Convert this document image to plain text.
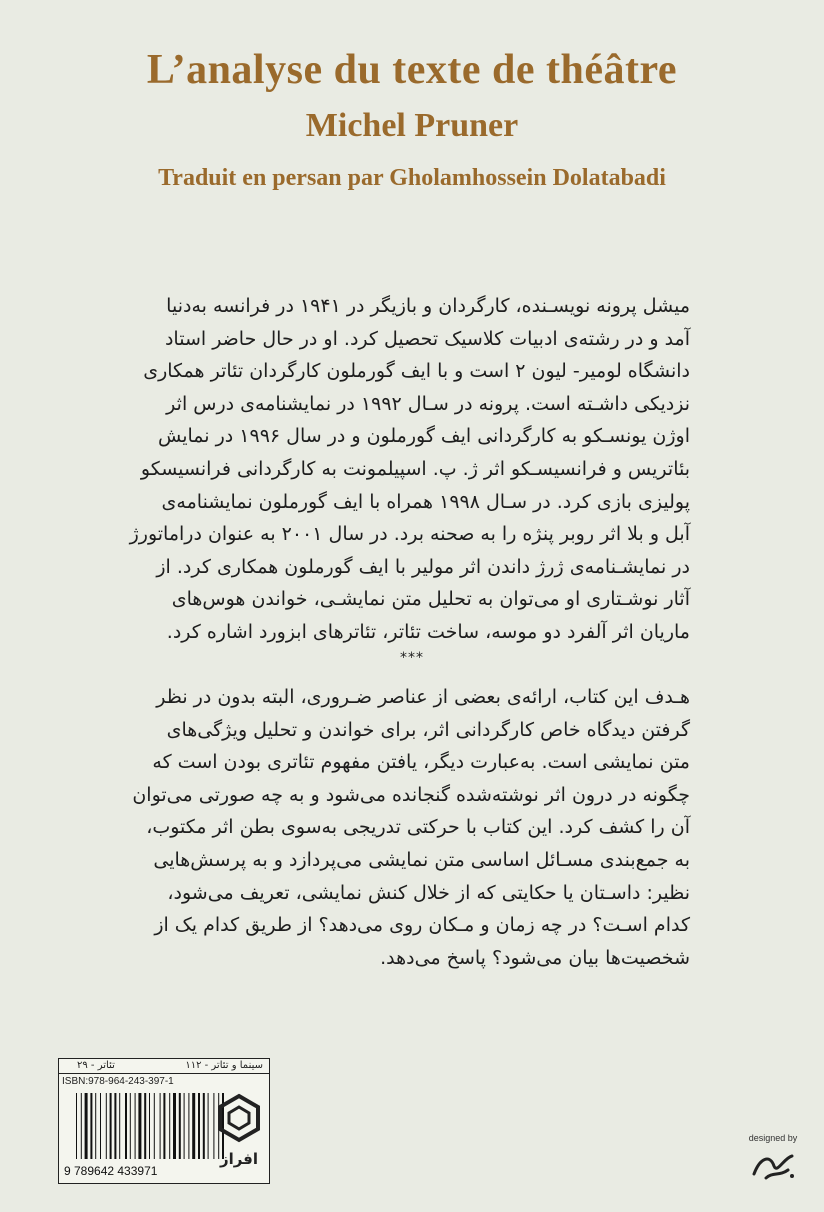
L’analyse du texte de théâtre
Michel Pruner
Traduit en persan par Gholamhossein Dolatabadi
میشل پرونه نویسـنده، کارگردان و بازیگر در ۱۹۴۱ در فرانسه به‌دنیا
آمد و در رشته‌ی ادبیات کلاسیک تحصیل کرد. او در حال حاضر استاد
دانشگاه لومیر- لیون ۲ است و با ایف گورملون کارگردان تئاتر همکاری
نزدیکی داشـته است. پرونه در سـال ۱۹۹۲ در نمایشنامه‌ی درس اثر
اوژن یونسـکو به کارگردانی ایف گورملون و در سال ۱۹۹۶ در نمایش
بئاتریس و فرانسیسـکو اثر ژ. پ. اسپیلمونت به کارگردانی فرانسیسکو
پولیزی بازی کرد. در سـال ۱۹۹۸ همراه با ایف گورملون نمایشنامه‌ی
آبل و بلا اثر روبر پنژه را به صحنه برد. در سال ۲۰۰۱ به عنوان دراماتورژ
در نمایشـنامه‌ی ژرژ داندن اثر مولیر با ایف گورملون همکاری کرد. از
آثار نوشـتاری او می‌توان به تحلیل متن نمایشـی، خواندن هوس‌های
ماریان اثر آلفرد دو موسه، ساخت تئاتر، تئاترهای ابزورد اشاره کرد.
***
هـدف این کتاب، ارائه‌ی بعضی از عناصر ضـروری، البته بدون در نظر
گرفتن دیدگاه خاص کارگردانی اثر، برای خواندن و تحلیل ویژگی‌های
متن نمایشی است. به‌عبارت دیگر، یافتن مفهوم تئاتری بودن است که
چگونه در درون اثر نوشته‌شده گنجانده می‌شود و به چه صورتی می‌توان
آن را کشف کرد. این کتاب با حرکتی تدریجی به‌سوی بطن اثر مکتوب،
به جمع‌بندی مسـائل اساسی متن نمایشی می‌پردازد و به پرسش‌هایی
نظیر: داسـتان یا حکایتی که از خلال کنش نمایشی، تعریف می‌شود،
کدام اسـت؟ در چه زمان و مـکان روی می‌دهد؟ از طریق کدام یک از
شخصیت‌ها بیان می‌شود؟ پاسخ می‌دهد.
سینما و تئاتر - ۱۱۲
تئاتر - ۲۹
ISBN:978-964-243-397-1
9 789642 433971
افراز
designed by
